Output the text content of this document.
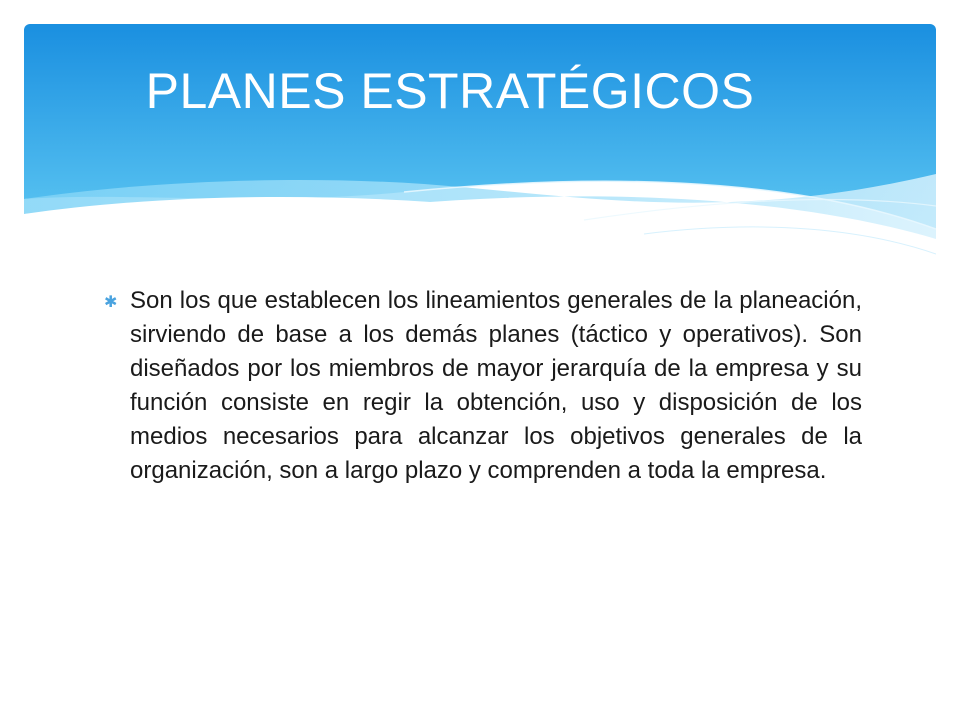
PLANES ESTRATÉGICOS

✱ Son los que establecen los lineamientos generales de la planeación, sirviendo de base a los demás planes (táctico y operativos). Son diseñados por los miembros de mayor jerarquía de la empresa y su función consiste en regir la obtención, uso y disposición de los medios necesarios para alcanzar los objetivos generales de la organización, son a largo plazo y comprenden a toda la empresa.
